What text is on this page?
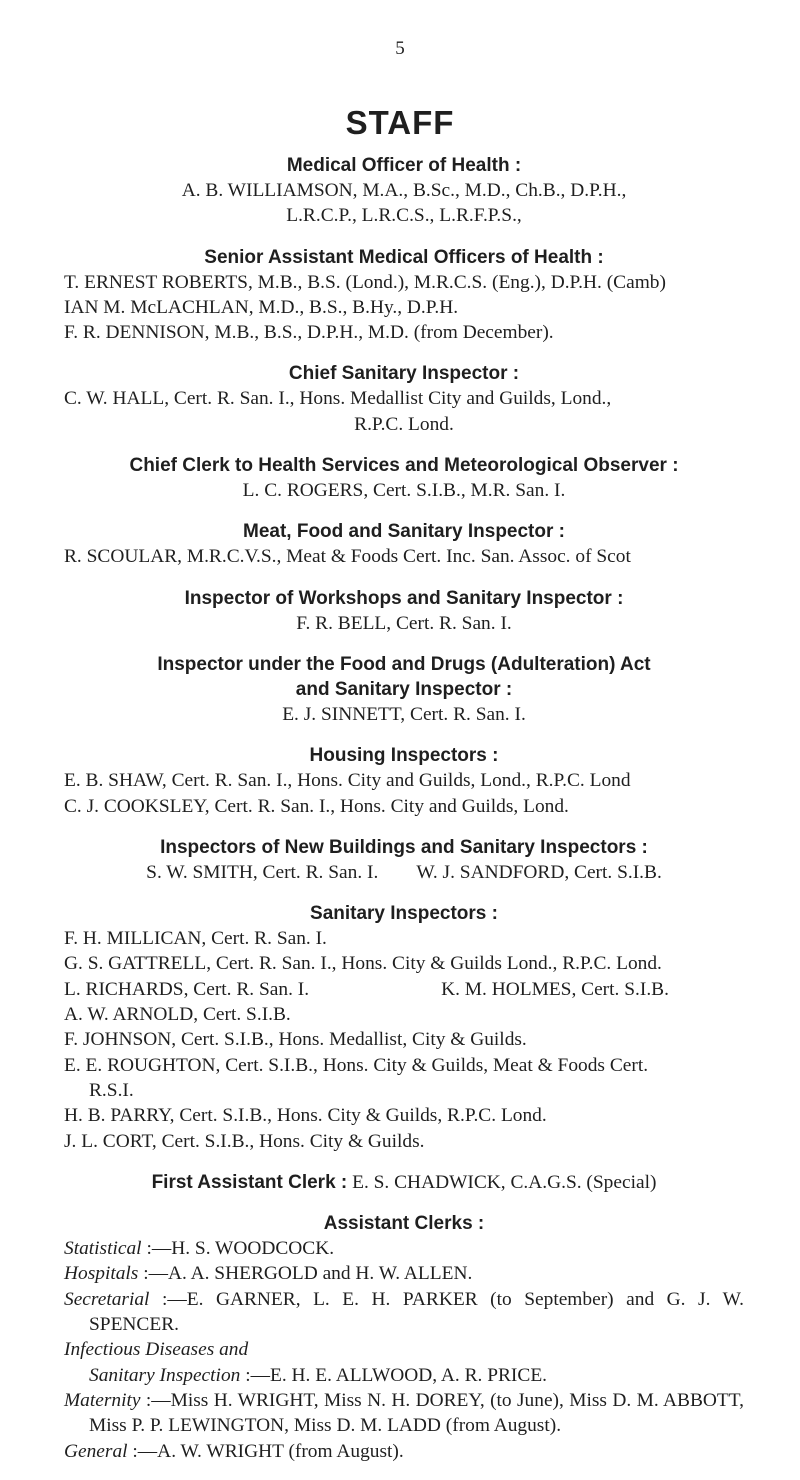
5
STAFF
Medical Officer of Health :
A. B. WILLIAMSON, M.A., B.Sc., M.D., Ch.B., D.P.H.,
L.R.C.P., L.R.C.S., L.R.F.P.S.,
Senior Assistant Medical Officers of Health :
T. ERNEST ROBERTS, M.B., B.S. (Lond.), M.R.C.S. (Eng.), D.P.H. (Camb)
IAN M. McLACHLAN, M.D., B.S., B.Hy., D.P.H.
F. R. DENNISON, M.B., B.S., D.P.H., M.D. (from December).
Chief Sanitary Inspector :
C. W. HALL, Cert. R. San. I., Hons. Medallist City and Guilds, Lond.,
R.P.C. Lond.
Chief Clerk to Health Services and Meteorological Observer :
L. C. ROGERS, Cert. S.I.B., M.R. San. I.
Meat, Food and Sanitary Inspector :
R. SCOULAR, M.R.C.V.S., Meat & Foods Cert. Inc. San. Assoc. of Scot
Inspector of Workshops and Sanitary Inspector :
F. R. BELL, Cert. R. San. I.
Inspector under the Food and Drugs (Adulteration) Act
and Sanitary Inspector :
E. J. SINNETT, Cert. R. San. I.
Housing Inspectors :
E. B. SHAW, Cert. R. San. I., Hons. City and Guilds, Lond., R.P.C. Lond
C. J. COOKSLEY, Cert. R. San. I., Hons. City and Guilds, Lond.
Inspectors of New Buildings and Sanitary Inspectors :
S. W. SMITH, Cert. R. San. I. W. J. SANDFORD, Cert. S.I.B.
Sanitary Inspectors :
F. H. MILLICAN, Cert. R. San. I.
G. S. GATTRELL, Cert. R. San. I., Hons. City & Guilds Lond., R.P.C. Lond.
L. RICHARDS, Cert. R. San. I.	K. M. HOLMES, Cert. S.I.B.
A. W. ARNOLD, Cert. S.I.B.
F. JOHNSON, Cert. S.I.B., Hons. Medallist, City & Guilds.
E. E. ROUGHTON, Cert. S.I.B., Hons. City & Guilds, Meat & Foods Cert.
R.S.I.
H. B. PARRY, Cert. S.I.B., Hons. City & Guilds, R.P.C. Lond.
J. L. CORT, Cert. S.I.B., Hons. City & Guilds.
First Assistant Clerk : E. S. CHADWICK, C.A.G.S. (Special)
Assistant Clerks :
Statistical :—H. S. WOODCOCK.
Hospitals :—A. A. SHERGOLD and H. W. ALLEN.
Secretarial :—E. GARNER, L. E. H. PARKER (to September) and G. J. W. SPENCER.
Infectious Diseases and
Sanitary Inspection :—E. H. E. ALLWOOD, A. R. PRICE.
Maternity :—Miss H. WRIGHT, Miss N. H. DOREY, (to June), Miss D. M. ABBOTT, Miss P. P. LEWINGTON, Miss D. M. LADD (from August).
General :—A. W. WRIGHT (from August).
